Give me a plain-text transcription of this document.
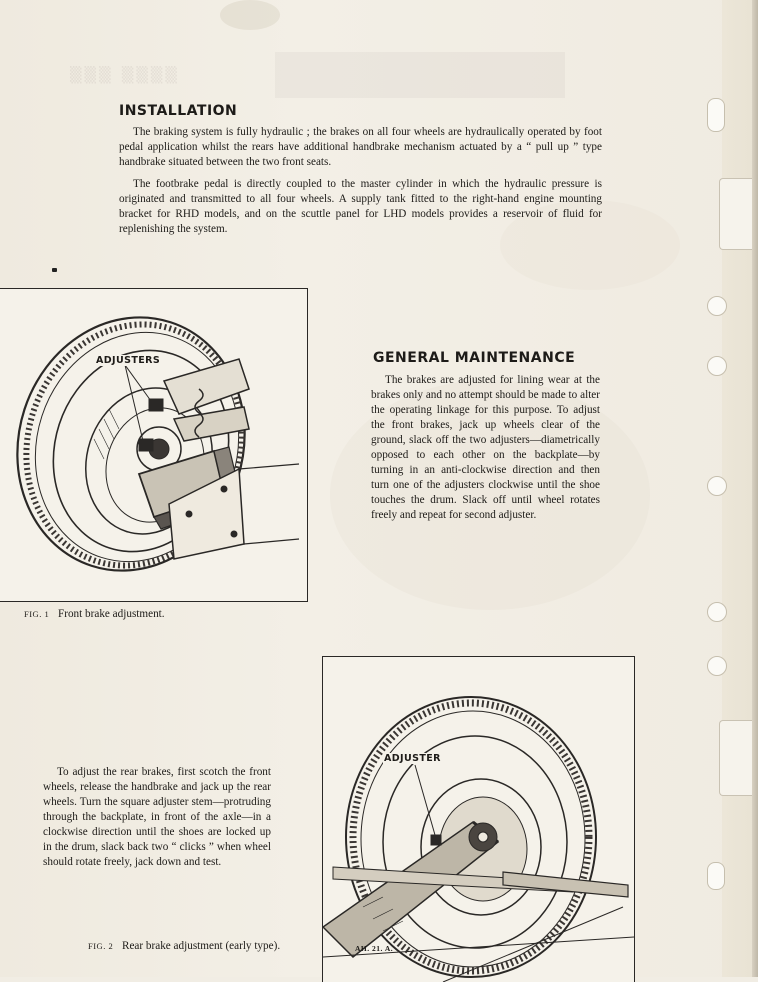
▒▒▒ ▒▒▒▒
INSTALLATION

The braking system is fully hydraulic ; the brakes on all four wheels are hydraulically operated by foot pedal application whilst the rears have additional handbrake mechanism actuated by a “ pull up ” type handbrake situated between the two front seats.

The footbrake pedal is directly coupled to the master cylinder in which the hydraulic pressure is originated and transmitted to all four wheels. A supply tank fitted to the right-hand engine mounting bracket for RHD models, and on the scuttle panel for LHD models provides a reservoir of fluid for replenishing the system.

ADJUSTERS
FIG. 1 Front brake adjustment.
GENERAL MAINTENANCE

The brakes are adjusted for lining wear at the brakes only and no attempt should be made to alter the operating linkage for this purpose. To adjust the front brakes, jack up wheels clear of the ground, slack off the two adjusters—diametrically opposed to each other on the backplate—by turning in an anti-clockwise direction and then turn one of the adjusters clockwise until the shoe touches the drum. Slack off until wheel rotates freely and repeat for second adjuster.

To adjust the rear brakes, first scotch the front wheels, release the handbrake and jack up the rear wheels. Turn the square adjuster stem—protruding through the backplate, in front of the axle—in a clockwise direction until the shoes are locked up in the drum, slack back two “ clicks ” when wheel should rotate freely, jack down and test.

ADJUSTER
FIG. 2 Rear brake adjustment (early type).	AH. 21. A.
